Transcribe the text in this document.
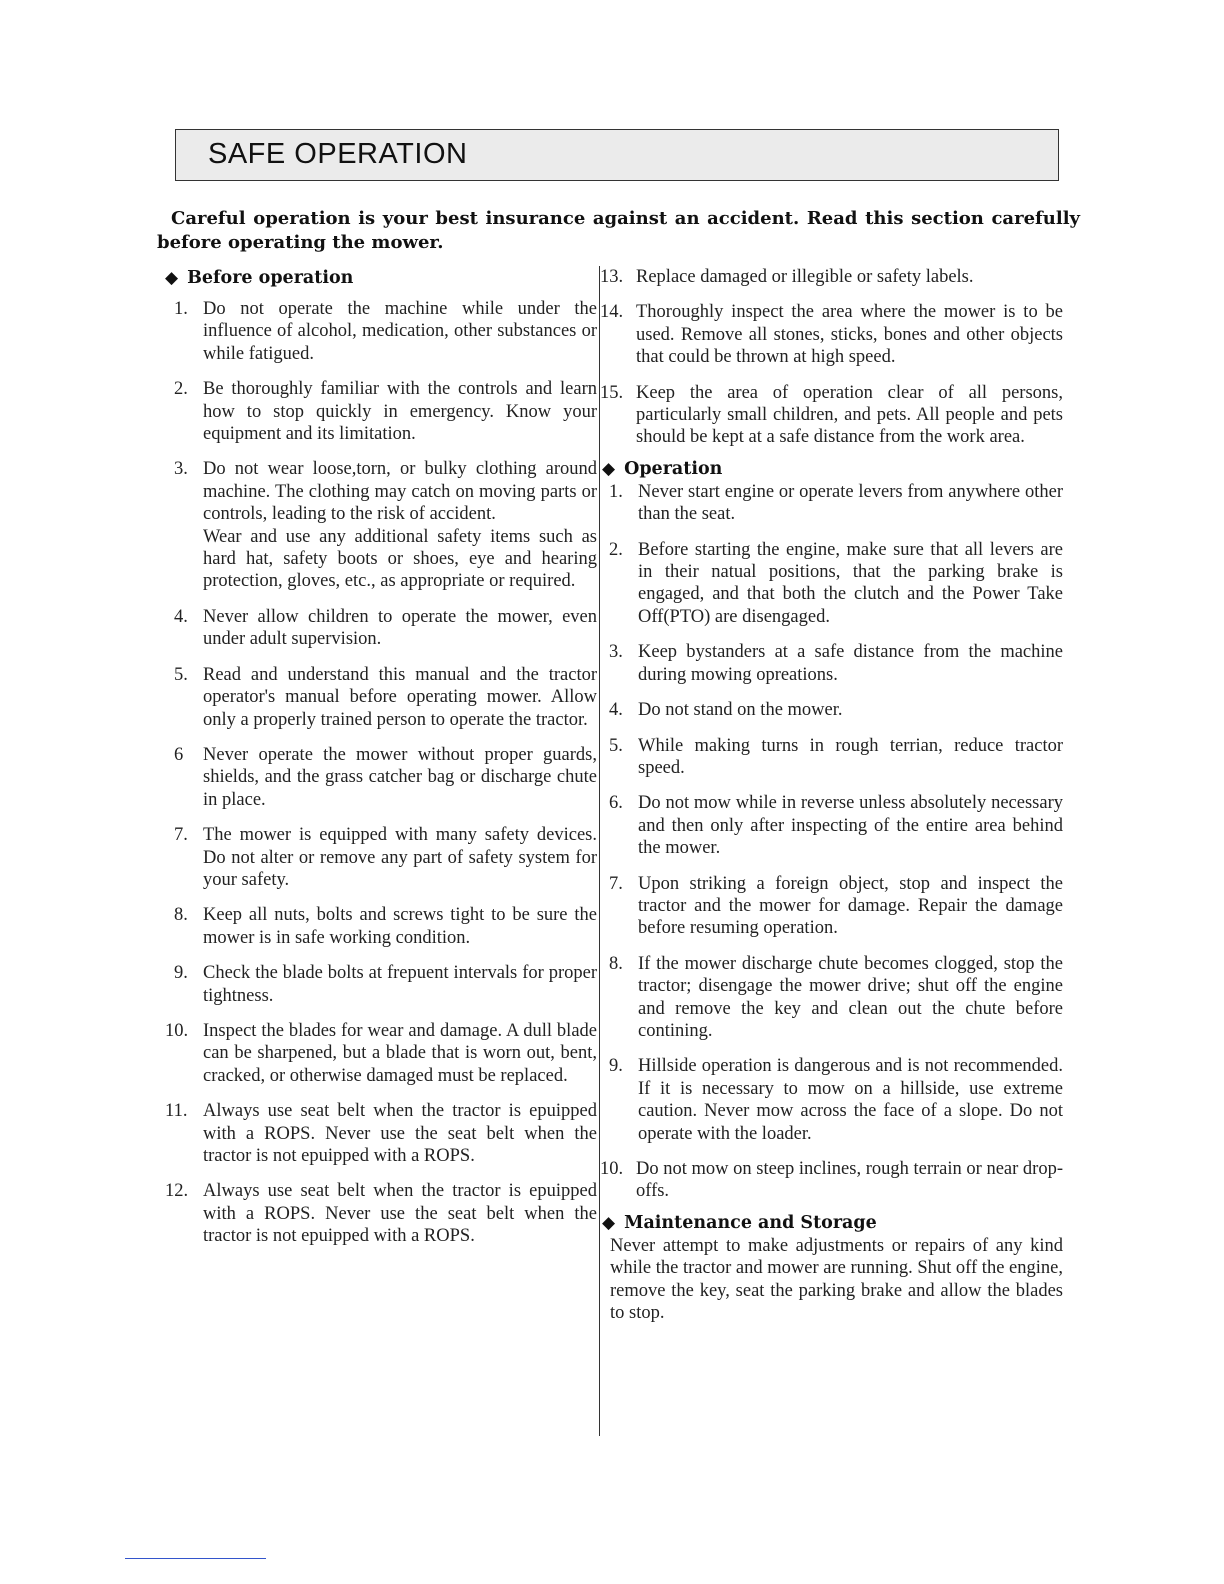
SAFE OPERATION
Careful operation is your best insurance against an accident. Read this section carefully
before operating the mower.
◆ Before operation
1. Do not operate the machine while under the influence of alcohol, medication, other substances or while fatigued.
2. Be thoroughly familiar with the controls and learn how to stop quickly in emergency. Know your equipment and its limitation.
3. Do not wear loose,torn, or bulky clothing around machine. The clothing may catch on moving parts or controls, leading to the risk of accident.
Wear and use any additional safety items such as hard hat, safety boots or shoes, eye and hearing protection, gloves, etc., as appropriate or required.
4. Never allow children to operate the mower, even under adult supervision.
5. Read and understand this manual and the tractor operator's manual before operating mower. Allow only a properly trained person to operate the tractor.
6	Never operate the mower without proper guards, shields, and the grass catcher bag or discharge chute in place.
7. The mower is equipped with many safety devices. Do not alter or remove any part of safety system for your safety.
8. Keep all nuts, bolts and screws tight to be sure the mower is in safe working condition.
9. Check the blade bolts at frepuent intervals for proper tightness.
10. Inspect the blades for wear and damage. A dull blade can be sharpened, but a blade that is worn out, bent, cracked, or otherwise damaged must be replaced.
11. Always use seat belt when the tractor is epuipped with a ROPS. Never use the seat belt when the tractor is not epuipped with a ROPS.
12. Always use seat belt when the tractor is epuipped with a ROPS. Never use the seat belt when the tractor is not epuipped with a ROPS.
13. Replace damaged or illegible or safety labels.
14. Thoroughly inspect the area where the mower is to be used. Remove all stones, sticks, bones and other objects that could be thrown at high speed.
15. Keep the area of operation clear of all persons, particularly small children, and pets. All people and pets should be kept at a safe distance from the work area.
◆ Operation
1. Never start engine or operate levers from anywhere other than the seat.
2. Before starting the engine, make sure that all levers are in their natual positions, that the parking brake is engaged, and that both the clutch and the Power Take Off(PTO) are disengaged.
3. Keep bystanders at a safe distance from the machine during mowing opreations.
4. Do not stand on the mower.
5. While making turns in rough terrian, reduce tractor speed.
6. Do not mow while in reverse unless absolutely necessary and then only after inspecting of the entire area behind the mower.
7. Upon striking a foreign object, stop and inspect the tractor and the mower for damage. Repair the damage before resuming operation.
8. If the mower discharge chute becomes clogged, stop the tractor; disengage the mower drive; shut off the engine and remove the key and clean out the chute before contining.
9. Hillside operation is dangerous and is not recommended. If it is necessary to mow on a hillside, use extreme caution. Never mow across the face of a slope. Do not operate with the loader.
10. Do not mow on steep inclines, rough terrain or near drop-offs.
◆ Maintenance and Storage
Never attempt to make adjustments or repairs of any kind while the tractor and mower are running. Shut off the engine, remove the key, seat the parking brake and allow the blades to stop.
